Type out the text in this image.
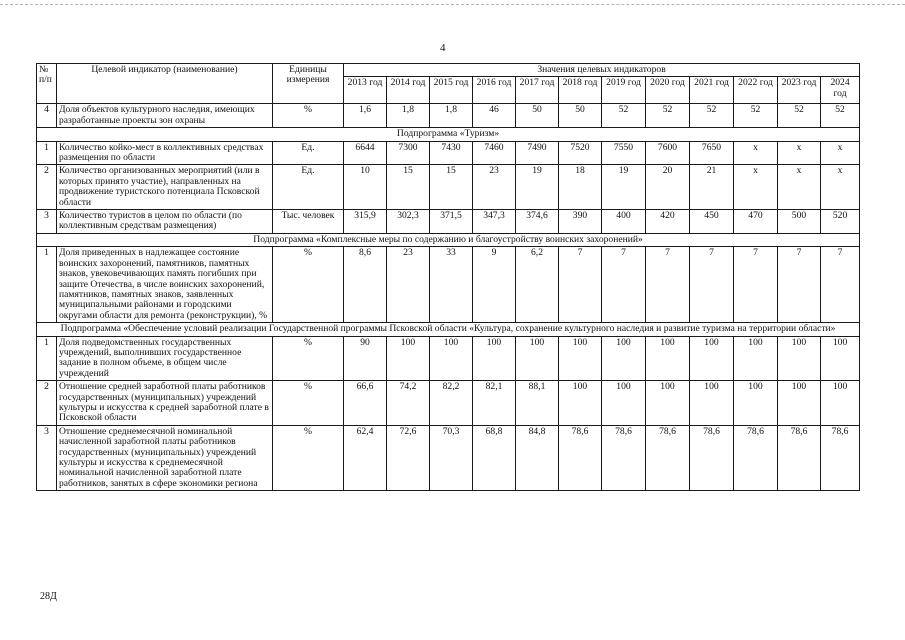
4
№ п/п	Целевой индикатор (наименование)	Единицы измерения	Значения целевых индикаторов											
			2013 год	2014 год	2015 год	2016 год	2017 год	2018 год	2019 год	2020 год	2021 год	2022 год	2023 год	2024 год
4	Доля объектов культурного наследия, имеющих разработанные проекты зон охраны	%	1,6	1,8	1,8	46	50	50	52	52	52	52	52	52
Подпрограмма «Туризм»														
1	Количество койко-мест в коллективных средствах размещения по области	Ед.	6644	7300	7430	7460	7490	7520	7550	7600	7650	х	х	х
2	Количество организованных мероприятий (или в которых принято участие), направленных на продвижение туристского потенциала Псковской области	Ед.	10	15	15	23	19	18	19	20	21	х	х	х
3	Количество туристов в целом по области (по коллективным средствам размещения)	Тыс. человек	315,9	302,3	371,5	347,3	374,6	390	400	420	450	470	500	520
Подпрограмма «Комплексные меры по содержанию и благоустройству воинских захоронений»														
1	Доля приведенных в надлежащее состояние воинских захоронений, памятников, памятных знаков, увековечивающих память погибших при защите Отечества, в числе воинских захоронений, памятников, памятных знаков, заявленных муниципальными районами и городскими округами области для ремонта (реконструкции), %	%	8,6	23	33	9	6,2	7	7	7	7	7	7	7
Подпрограмма «Обеспечение условий реализации Государственной программы Псковской области «Культура, сохранение культурного наследия и развитие туризма на территории области»														
1	Доля подведомственных государственных учреждений, выполнивших государственное задание в полном объеме, в общем числе учреждений	%	90	100	100	100	100	100	100	100	100	100	100	100
2	Отношение средней заработной платы работников государственных (муниципальных) учреждений культуры и искусства к средней заработной плате в Псковской области	%	66,6	74,2	82,2	82,1	88,1	100	100	100	100	100	100	100
3	Отношение среднемесячной номинальной начисленной заработной платы работников государственных (муниципальных) учреждений культуры и искусства к среднемесячной номинальной начисленной заработной плате работников, занятых в сфере экономики региона	%	62,4	72,6	70,3	68,8	84,8	78,6	78,6	78,6	78,6	78,6	78,6	78,6
28Д
